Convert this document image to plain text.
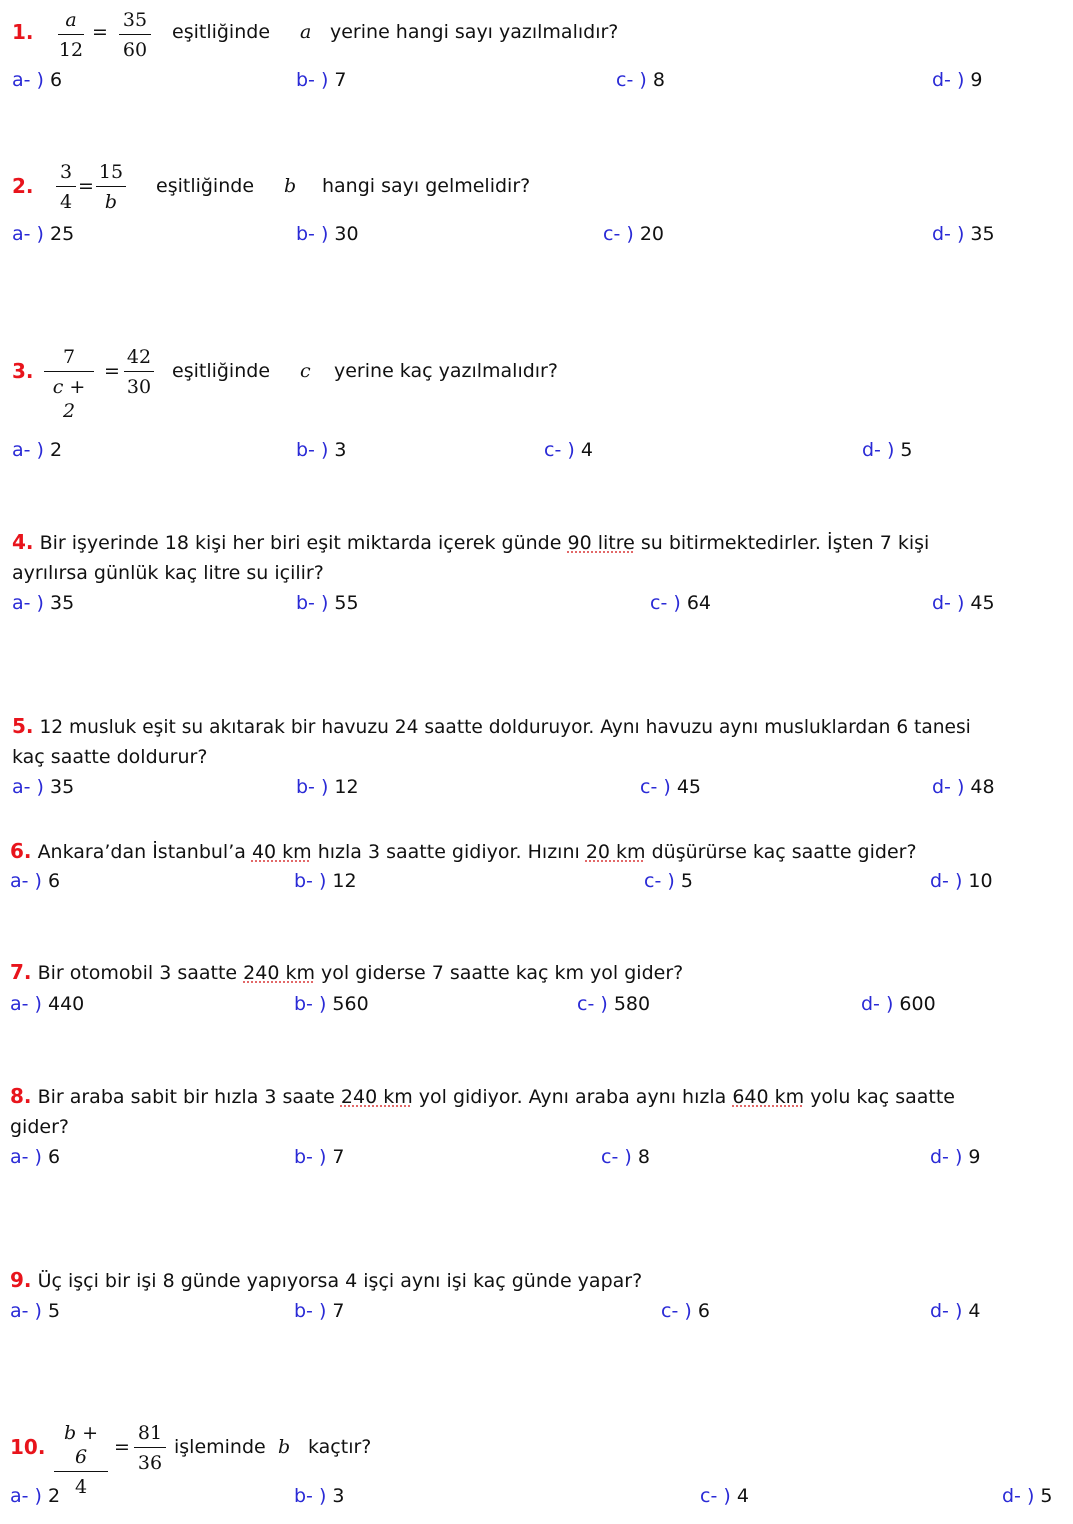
1. $\frac{a}{12} = \frac{35}{60}$ eşitliğinde a yerine hangi sayı yazılmalıdır?
a- ) 6	b- ) 7	c- ) 8	d- ) 9
2. $\frac{3}{4} = \frac{15}{b}$ eşitliğinde b hangi sayı gelmelidir?
a- ) 25	b- ) 30	c- ) 20	d- ) 35
3. $\frac{7}{c + 2} = \frac{42}{30}$ eşitliğinde c yerine kaç yazılmalıdır?
a- ) 2	b- ) 3	c- ) 4	d- ) 5
4. Bir işyerinde 18 kişi her biri eşit miktarda içerek günde 90 litre su bitirmektedirler. İşten 7 kişi
ayrılırsa günlük kaç litre su içilir?
a- ) 35	b- ) 55	c- ) 64	d- ) 45
5. 12 musluk eşit su akıtarak bir havuzu 24 saatte dolduruyor. Aynı havuzu aynı musluklardan 6 tanesi
kaç saatte doldurur?
a- ) 35	b- ) 12	c- ) 45	d- ) 48
6. Ankara’dan İstanbul’a 40 km hızla 3 saatte gidiyor. Hızını 20 km düşürürse kaç saatte gider?
a- ) 6	b- ) 12	c- ) 5	d- ) 10
7. Bir otomobil 3 saatte 240 km yol giderse 7 saatte kaç km yol gider?
a- ) 440	b- ) 560	c- ) 580	d- ) 600
8. Bir araba sabit bir hızla 3 saate 240 km yol gidiyor. Aynı araba aynı hızla 640 km yolu kaç saatte
gider?
a- ) 6	b- ) 7	c- ) 8	d- ) 9
9. Üç işçi bir işi 8 günde yapıyorsa 4 işçi aynı işi kaç günde yapar?
a- ) 5	b- ) 7	c- ) 6	d- ) 4
10. $\frac{b + 6}{4} = \frac{81}{36}$ işleminde b kaçtır?
a- ) 2	b- ) 3	c- ) 4	d- ) 5
